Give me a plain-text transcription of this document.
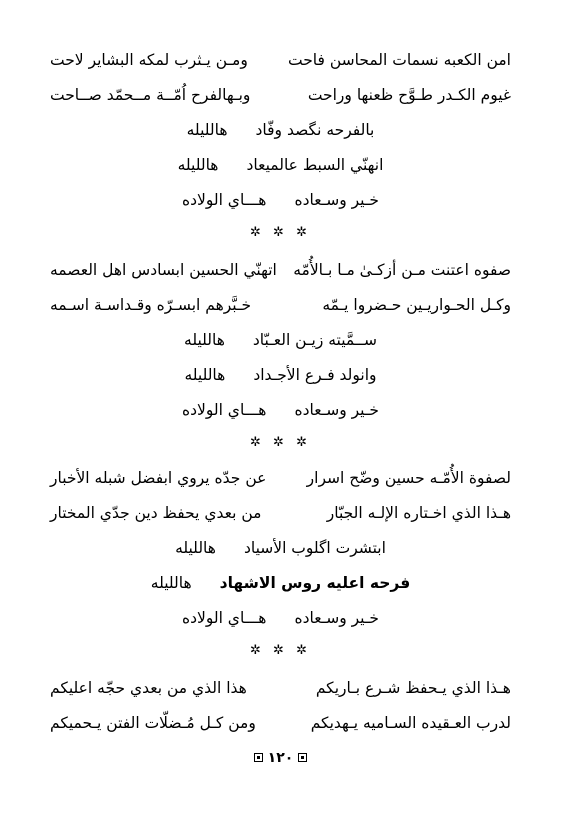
امن الكعبه نسمات المحاسن فاحت
ومـن يـثرب لمكه البشاير لاحت
غيوم الكـدر طـوَّح ظعنها وراحت
وبـهالفرح اُمّــة مــحمّد صــاحت
بالفرحه نگصد وفّادهالليله
انهنّي السبط عالميعادهالليله
خـير وسـعادههـــاي الولاده
✲ ✲ ✲
صفوه اعتنت مـن أزكـىٰ مـا بـالأُمّه
اتهنّي الحسين ابسادس اهل العصمه
وكـل الحـواريـين حـضروا يـمّه
خـبَّرهم ابسـرّه وقـداسـة اسـمه
ســمَّيته زيـن العـبّادهالليله
وانولد فـرع الأجـدادهالليله
خـير وسـعادههـــاي الولاده
✲ ✲ ✲
لصفوة الأُمّـه حسين وضّح اسرار
عن جدّه يروي ابفضل شبله الأخبار
هـذا الذي اخـتاره الإلـه الجبّار
من بعدي يحفظ دين جدّي المختار
ابتشرت اگلوب الأسيادهالليله
فرحه اعليه روس الاشهادهالليله
خـير وسـعادههـــاي الولاده
✲ ✲ ✲
هـذا الذي يـحفظ شـرع بـاريكم
هذا الذي من بعدي حجّه اعليكم
لدرب العـقيده السـاميه يـهديكم
ومن كـل مُـضلّات الفتن يـحميكم
١٢٠
